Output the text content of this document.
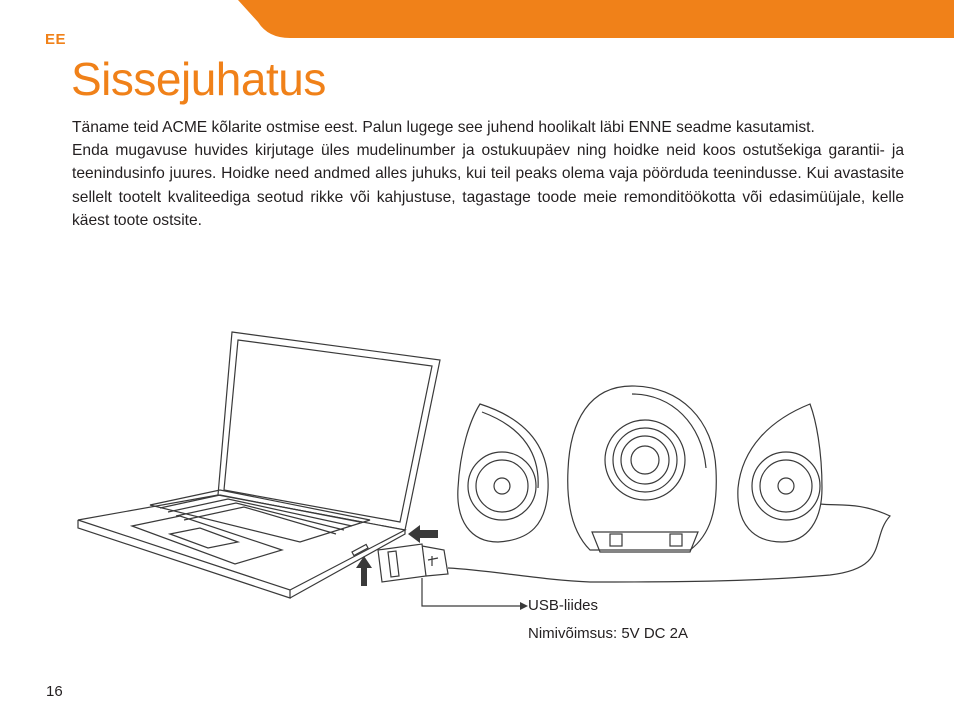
EE
Sissejuhatus

Täname teid ACME kõlarite ostmise eest. Palun lugege see juhend hoolikalt läbi ENNE seadme kasutamist.

Enda mugavuse huvides kirjutage üles mudelinumber ja ostukuupäev ning hoidke neid koos ostutšekiga garantii- ja teenindusinfo juures. Hoidke need andmed alles juhuks, kui teil peaks olema vaja pöörduda teenindusse. Kui avastasite sellelt tootelt kvaliteediga seotud rikke või kahjustuse, tagastage toode meie remonditöökotta või edasimüüjale, kelle käest toote ostsite.

USB-liides
Nimivõimsus: 5V DC 2A
16
